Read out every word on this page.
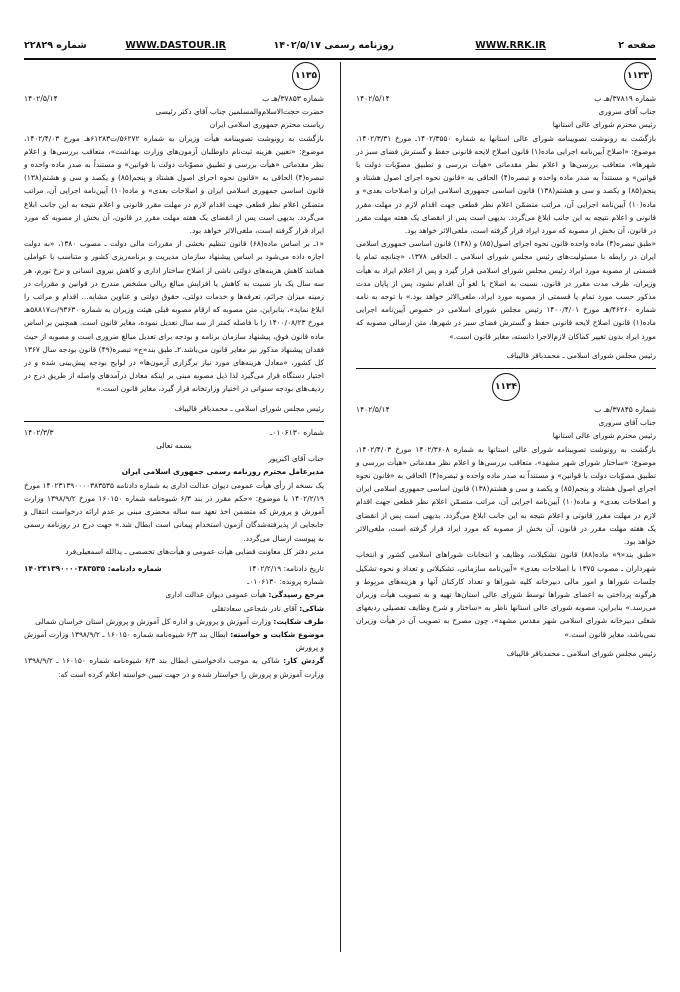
صفحه ۲
WWW.RRK.IR
روزنامه رسمی ۱۴۰۲/۵/۱۷
WWW.DASTOUR.IR
شماره ۲۲۸۲۹
۱۱۳۳
شماره ۳۷۸۱۹/هـ ب
۱۴۰۲/۵/۱۴

جناب آقای سروری

رئیس محترم شورای عالی استانها

بازگشت به رونوشت تصویبنامه شورای عالی استانها به شماره ۱۴۰۲/۳۵۵۰ـ مورخ ۱۴۰۲/۳/۳۱، موضوع: «اصلاح آیین‌نامه اجرایی ماده(۱) قانون اصلاح لایحه قانونی حفظ و گسترش فضای سبز در شهرها»، متعاقب بررسی‌ها و اعلام نظر مقدماتی «هیأت بررسی و تطبیق مصوّبات دولت با قوانین» و مستنداً به صدر ماده واحده و تبصره(۴) الحاقی به «قانون نحوه اجرای اصول هشتاد و پنجم(۸۵) و یکصد و سی و هشتم(۱۳۸) قانون اساسی جمهوری اسلامی ایران و اصلاحات بعدی» و ماده(۱۰) آیین‌نامه اجرایی آن، مراتب متضمّن اعلام نظر قطعی جهت اقدام لازم در مهلت مقرر قانونی و اعلام نتیجه به این جانب ابلاغ می‌گردد. بدیهی است پس از انقضای یک هفته مهلت مقرر در قانون، آن بخش از مصوبه که مورد ایراد قرار گرفته است، ملغی‌الاثر خواهد بود.

«طبق تبصره(۴) ماده واحده قانون نحوه اجرای اصول(۸۵) و (۱۳۸) قانون اساسی جمهوری اسلامی ایران در رابطه با مسئولیت‌های رئیس مجلس شورای اسلامی ـ الحاقی ۱۳۷۸، «چنانچه تمام یا قسمتی از مصوبه مورد ایراد رئیس مجلس شورای اسلامی قرار گیرد و پس از اعلام ایراد به هیأت وزیران، ظرف مدت مقرر در قانون، نسبت به اصلاح یا لغو آن اقدام نشود، پس از پایان مدت مذکور حسب مورد تمام یا قسمتی از مصوبه مورد ایراد، ملغی‌الاثر خواهد بود.» با توجه به نامه شماره ۴۶۲۶۰/هـ مورخ ۱۴۰۰/۴/۰۱ رئیس مجلس شورای اسلامی در خصوص آیین‌نامه اجرایی ماده(۱) قانون اصلاح لایحه قانونی حفظ و گسترش فضای سبز در شهرها، متن ارسالی مصوبه که مورد ایراد بدون تغییر کماکان لازم‌الاجرا دانسته، مغایر قانون است.»

رئیس مجلس شورای اسلامی ـ محمدباقر قالیباف

۱۱۳۴
شماره ۳۷۸۴۵/هـ ب
۱۴۰۲/۵/۱۴

جناب آقای سروری

رئیس محترم شورای عالی استانها

بازگشت به رونوشت تصویبنامه شورای عالی استانها به شماره ۱۴۰۲/۳۶۰۸ مورخ ۱۴۰۲/۴/۰۳، موضوع: «ساختار شورای شهر مشهد»، متعاقب بررسی‌ها و اعلام نظر مقدماتی «هیأت بررسی و تطبیق مصوّبات دولت با قوانین» و مستنداً به صدر ماده واحده و تبصره(۴) الحاقی به «قانون نحوه اجرای اصول هشتاد و پنجم(۸۵) و یکصد و سی و هشتم(۱۳۸) قانون اساسی جمهوری اسلامی ایران و اصلاحات بعدی» و ماده(۱۰) آیین‌نامه اجرایی آن، مراتب متضمّن اعلام نظر قطعی جهت اقدام لازم در مهلت مقرر قانونی و اعلام نتیجه به این جانب ابلاغ می‌گردد. بدیهی است پس از انقضای یک هفته مهلت مقرر در قانون، آن بخش از مصوبه که مورد ایراد قرار گرفته است، ملغی‌الاثر خواهد بود.

«طبق بند«۹» ماده(۸۸) قانون تشکیلات، وظایف و انتخابات شوراهای اسلامی کشور و انتخاب شهرداران ـ مصوب ۱۳۷۵ با اصلاحات بعدی» «آیین‌نامه سازمانی، تشکیلاتی و تعداد و نحوه تشکیل جلسات شوراها و امور مالی دبیرخانه کلیه شوراها و تعداد کارکنان آنها و هزینه‌های مربوط و هرگونه پرداختی به اعضای شوراها توسط شورای عالی استان‌ها تهیه و به تصویب هیأت وزیران می‌رسد.» بنابراین، مصوبه شورای عالی استانها ناظر به «ساختار و شرح وظایف تفصیلی ردیفهای شغلی دبیرخانه شورای اسلامی شهر مقدس مشهد»، چون مصرح به تصویب آن در هیأت وزیران نمی‌باشد، مغایر قانون است.»

رئیس مجلس شورای اسلامی ـ محمدباقر قالیباف

۱۱۳۵
شماره ۳۷۸۵۳/هـ ب
۱۴۰۲/۵/۱۴

حضرت حجت‌الاسلام‌والمسلمین جناب آقای دکتر رئیسی

ریاست محترم جمهوری اسلامی ایران

بازگشت به رونوشت تصویبنامه هیأت وزیران به شماره ۵۶۲۷۲/ت۶۱۲۸۳هـ مورخ ۱۴۰۲/۴/۰۳، موضوع: «تعیین هزینه ثبت‌نام داوطلبان آزمون‌های وزارت بهداشت»، متعاقب بررسی‌ها و اعلام نظر مقدماتی «هیأت بررسی و تطبیق مصوّبات دولت با قوانین» و مستنداً به صدر ماده واحده و تبصره(۴) الحاقی به «قانون نحوه اجرای اصول هشتاد و پنجم(۸۵) و یکصد و سی و هشتم(۱۳۸) قانون اساسی جمهوری اسلامی ایران و اصلاحات بعدی» و ماده(۱۰) آیین‌نامه اجرایی آن، مراتب متضمّن اعلام نظر قطعی جهت اقدام لازم در مهلت مقرر قانونی و اعلام نتیجه به این جانب ابلاغ می‌گردد. بدیهی است پس از انقضای یک هفته مهلت مقرر در قانون، آن بخش از مصوبه که مورد ایراد قرار گرفته است، ملغی‌الاثر خواهد بود.

«۱ـ بر اساس ماده(۶۸) قانون تنظیم بخشی از مقررات مالی دولت ـ مصوب ۱۳۸۰، «به دولت اجازه داده می‌شود بر اساس پیشنهاد سازمان مدیریت و برنامه‌ریزی کشور و متناسب با عواملی همانند کاهش هزینه‌های دولتی ناشی از اصلاح ساختار اداری و کاهش نیروی انسانی و نرخ تورم، هر سه سال یک بار نسبت به کاهش یا افزایش مبالغ ریالی مشخص مندرج در قوانین و مقررات در زمینه میزان جرائم، تعرفه‌ها و خدمات دولتی، حقوق دولتی و عناوین مشابه... اقدام و مراتب را ابلاغ نماید»، بنابراین، متن مصوبه که ارقام مصوبه قبلی هیئت وزیران به شماره ۹۳۶۳۰/ت۵۸۸۱۷هـ مورخ ۱۴۰۰/۰۸/۲۳ را با فاصله کمتر از سه سال تعدیل نموده، مغایر قانون است. همچنین بر اساس ماده قانون فوق، پیشنهاد سازمان برنامه و بودجه برای تعدیل مبالغ ضروری است و مصوبه از حیث فقدان پیشنهاد مذکور نیز مغایر قانون می‌باشد.۲ـ طبق بند«ج» تبصره(۴۹) قانون بودجه سال ۱۳۶۷ کل کشور، «معادل هزینه‌های مورد نیاز برگزاری آزمون‌ها» در لوایح بودجه پیش‌بینی شده و در اختیار دستگاه قرار می‌گیرد لذا ذیل مصوبه مبنی بر اینکه معادل درآمدهای واصله از طریق درج در ردیف‌های بودجه سنواتی در اختیار وزارتخانه قرار گیرد، مغایر قانون است.»

رئیس مجلس شورای اسلامی ـ محمدباقر قالیباف

شماره ۰۱۰۶۱۳۰ـ
۱۴۰۲/۳/۳

بسمه تعالی

جناب آقای اکبرپور

مدیرعامل محترم روزنامه رسمی جمهوری اسلامی ایران

یک نسخه از رأی هیأت عمومی دیوان عدالت اداری به شماره دادنامه ۱۴۰۲۳۱۳۹۰۰۰۰۳۸۳۵۳۵ مورخ ۱۴۰۲/۲/۱۹ با موضوع: «حکم مقرر در بند ۶/۳ شیوه‌نامه شماره ۱۶۰۱۵۰ مورخ ۱۳۹۸/۹/۲ وزارت آموزش و پرورش که متضمن اخذ تعهد سه ساله محضری مبنی بر عدم ارائه درخواست انتقال و جابجایی از پذیرفته‌شدگان آزمون استخدام پیمانی است ابطال شد.» جهت درج در روزنامه رسمی به پیوست ارسال می‌گردد.

مدیر دفتر کل معاونت قضایی هیأت عمومی و هیأت‌های تخصصی ـ یدالله اسمعیلی‌فرد

تاریخ دادنامه: ۱۴۰۲/۲/۱۹
شماره دادنامه: ۱۴۰۲۳۱۳۹۰۰۰۰۳۸۳۵۳۵

شماره پرونده: ۰۱۰۶۱۳۰ـ

مرجع رسیدگی: هیأت عمومی دیوان عدالت اداری

شاکی: آقای نادر شجاعی سعادتقلی

طرف شکایت: وزارت آموزش و پرورش و اداره کل آموزش و پرورش استان خراسان شمالی

موضوع شکایت و خواسته: ابطال بند ۶/۳ شیوه‌نامه شماره ۱۶۰۱۵۰ ـ ۱۳۹۸/۹/۲ وزارت آموزش و پرورش

گردش کار: شاکی به موجب دادخواستی ابطال بند ۶/۳ شیوه‌نامه شماره ۱۶۰۱۵۰ ـ ۱۳۹۸/۹/۲ وزارت آموزش و پرورش را خواستار شده و در جهت تبیین خواسته اعلام کرده است که:
